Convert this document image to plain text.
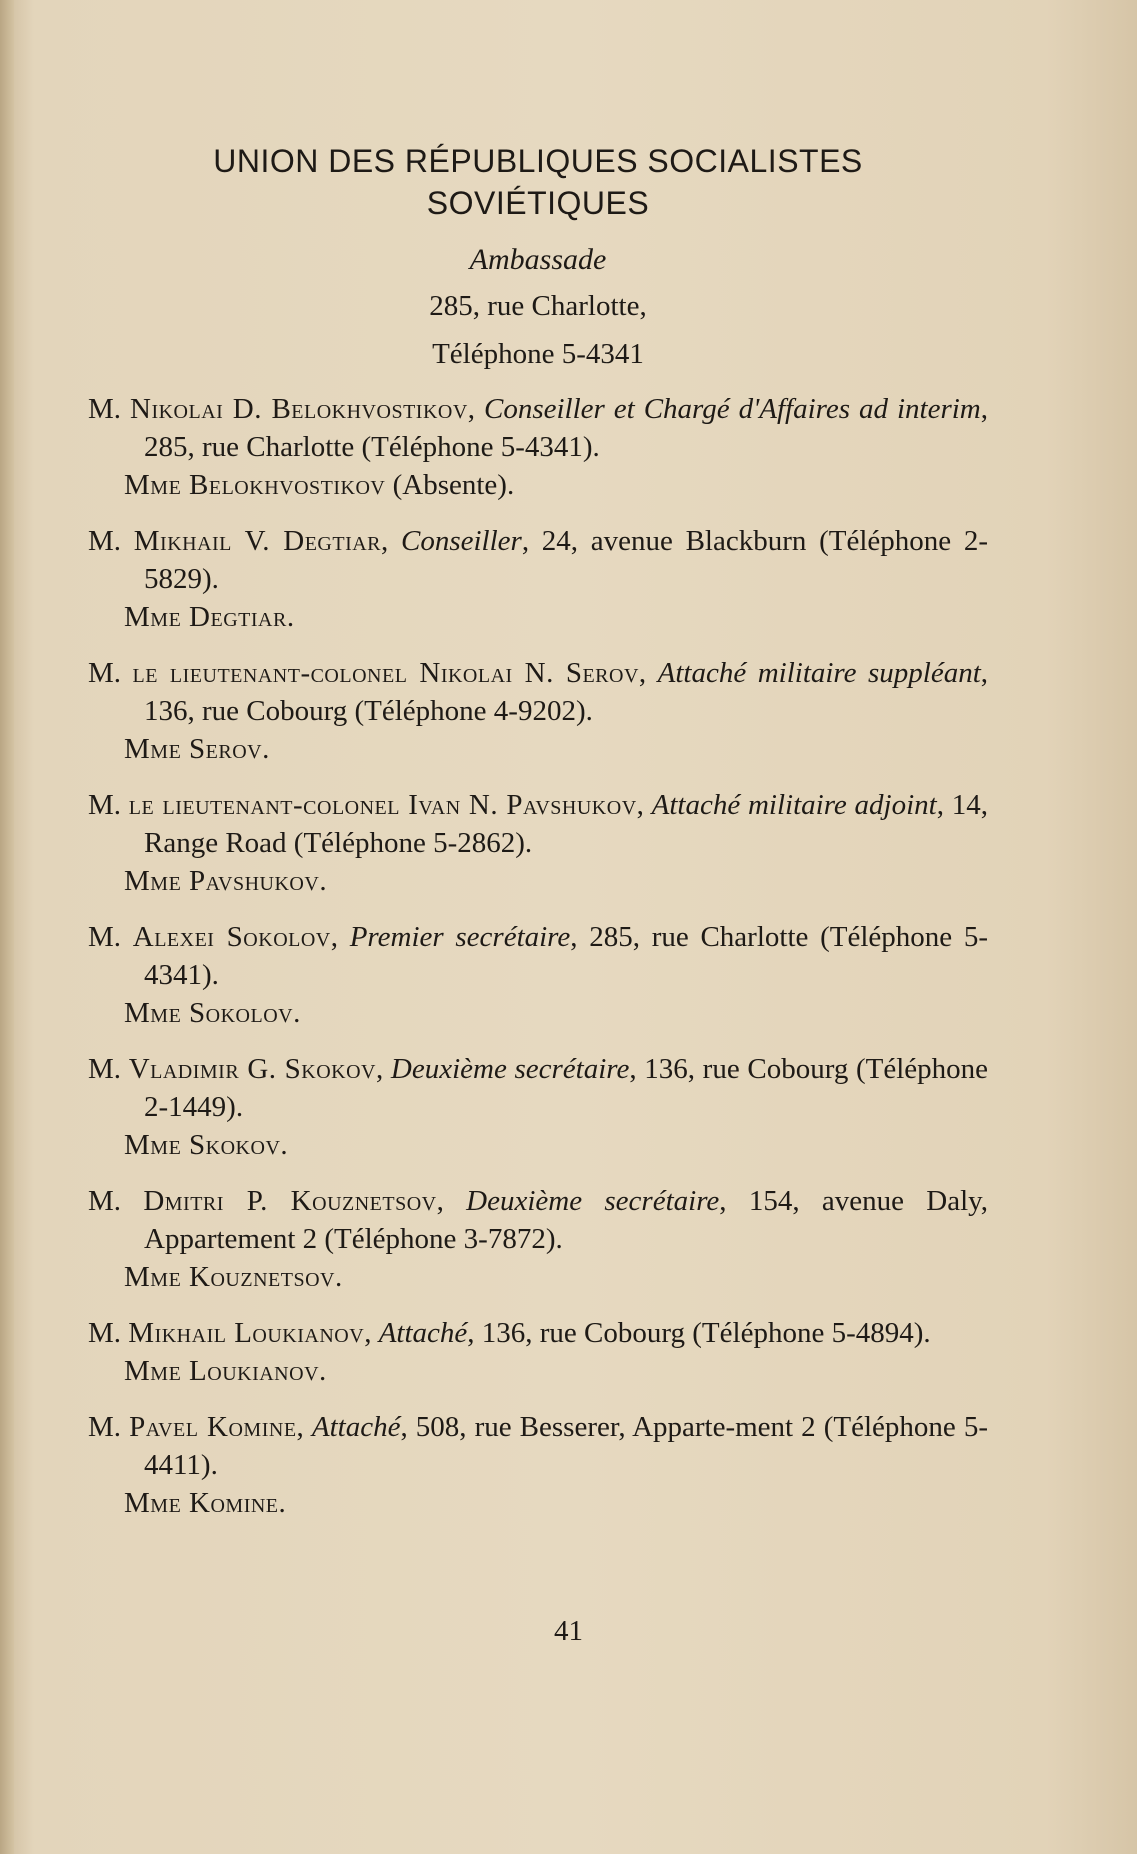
UNION DES RÉPUBLIQUES SOCIALISTES
SOVIÉTIQUES
Ambassade
285, rue Charlotte,
Téléphone 5-4341
M. Nikolai D. Belokhvostikov, Conseiller et Chargé d'Affaires ad interim, 285, rue Charlotte (Téléphone 5-4341).
Mme Belokhvostikov (Absente).
M. Mikhail V. Degtiar, Conseiller, 24, avenue Blackburn (Téléphone 2-5829).
Mme Degtiar.
M. le lieutenant-colonel Nikolai N. Serov, Attaché militaire suppléant, 136, rue Cobourg (Téléphone 4-9202).
Mme Serov.
M. le lieutenant-colonel Ivan N. Pavshukov, Attaché militaire adjoint, 14, Range Road (Téléphone 5-2862).
Mme Pavshukov.
M. Alexei Sokolov, Premier secrétaire, 285, rue Charlotte (Téléphone 5-4341).
Mme Sokolov.
M. Vladimir G. Skokov, Deuxième secrétaire, 136, rue Cobourg (Téléphone 2-1449).
Mme Skokov.
M. Dmitri P. Kouznetsov, Deuxième secrétaire, 154, avenue Daly, Appartement 2 (Téléphone 3-7872).
Mme Kouznetsov.
M. Mikhail Loukianov, Attaché, 136, rue Cobourg (Téléphone 5-4894).
Mme Loukianov.
M. Pavel Komine, Attaché, 508, rue Besserer, Apparte-ment 2 (Téléphone 5-4411).
Mme Komine.
41
